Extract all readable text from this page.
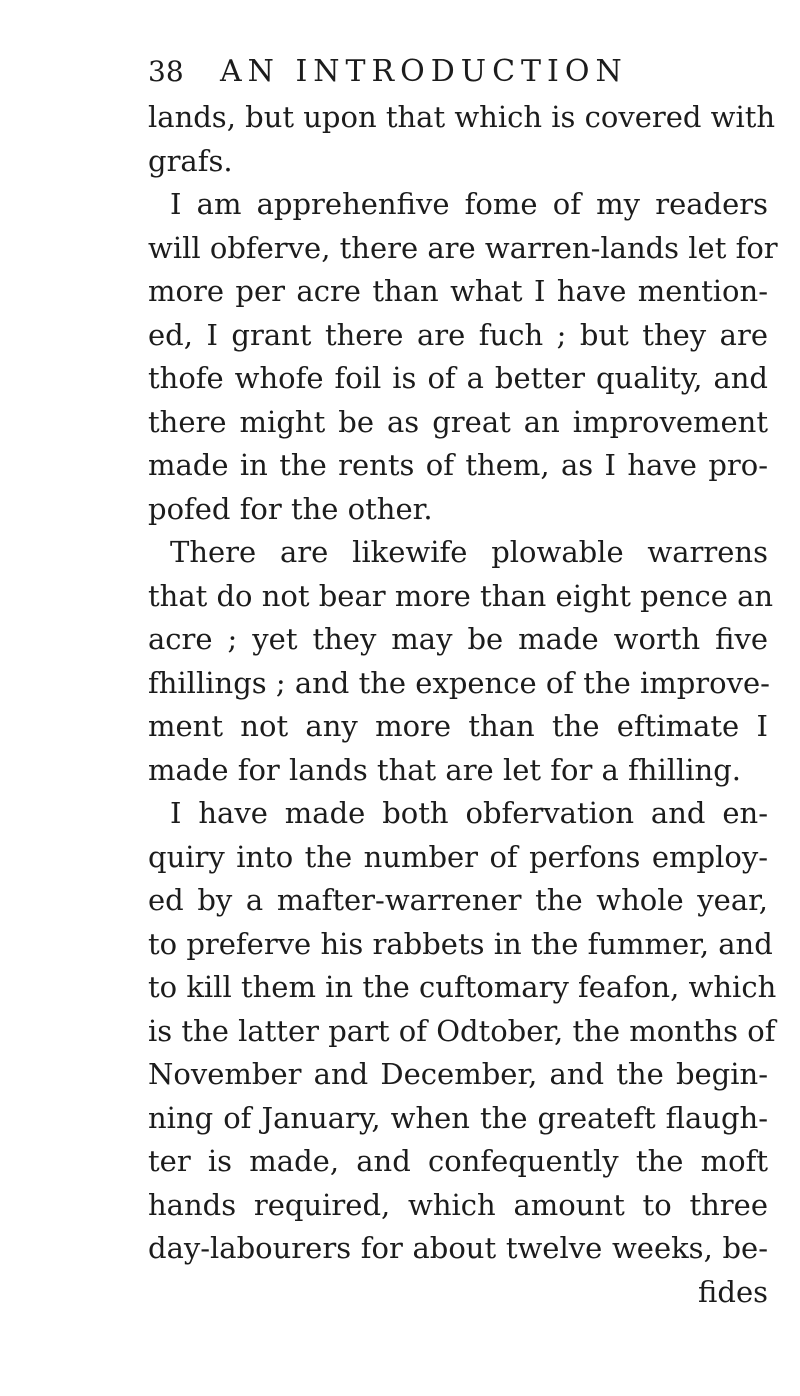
38 AN INTRODUCTION
lands, but upon that which is covered with
grafs.
I am apprehenfive fome of my readers
will obferve, there are warren-lands let for
more per acre than what I have mention-
ed, I grant there are fuch ; but they are
thofe whofe foil is of a better quality, and
there might be as great an improvement
made in the rents of them, as I have pro-
pofed for the other.
There are likewife plowable warrens
that do not bear more than eight pence an
acre ; yet they may be made worth five
fhillings ; and the expence of the improve-
ment not any more than the eftimate I
made for lands that are let for a fhilling.
I have made both obfervation and en-
quiry into the number of perfons employ-
ed by a mafter-warrener the whole year,
to preferve his rabbets in the fummer, and
to kill them in the cuftomary feafon, which
is the latter part of Odtober, the months of
November and December, and the begin-
ning of January, when the greateft flaugh-
ter is made, and confequently the moft
hands required, which amount to three
day-labourers for about twelve weeks, be-
fides
